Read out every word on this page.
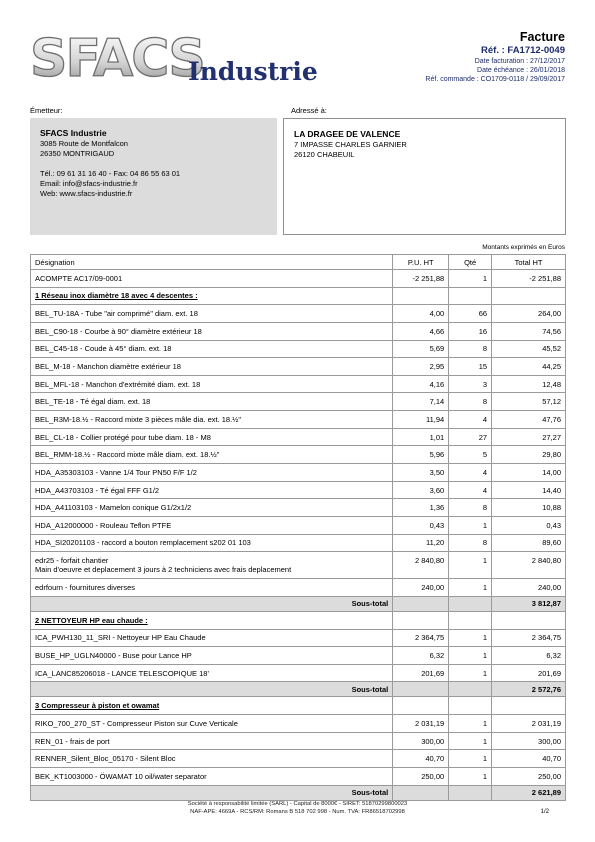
SFACS
Industrie
Facture
Réf. : FA1712-0049
Date facturation : 27/12/2017
Date échéance : 26/01/2018
Réf. commande : CO1709-0118 / 29/09/2017
Émetteur:	Adressé à:
SFACS Industrie
3085 Route de Montfalcon
26350 MONTRIGAUD
Tél.: 09 61 31 16 40 - Fax: 04 86 55 63 01
Email: info@sfacs-industrie.fr
Web: www.sfacs-industrie.fr
LA DRAGEE DE VALENCE
7 IMPASSE CHARLES GARNIER
26120 CHABEUIL
Montants exprimés en Euros
Désignation	P.U. HT	Qté	Total HT
ACOMPTE AC17/09-0001	-2 251,88	1	-2 251,88
1 Réseau inox diamètre 18 avec 4 descentes :			
BEL_TU-18A - Tube "air comprimé" diam. ext. 18	4,00	66	264,00
BEL_C90-18 - Courbe à 90° diamètre extérieur 18	4,66	16	74,56
BEL_C45-18 - Coude à 45° diam. ext. 18	5,69	8	45,52
BEL_M-18 - Manchon diamètre extérieur 18	2,95	15	44,25
BEL_MFL-18 - Manchon d'extrémité diam. ext. 18	4,16	3	12,48
BEL_TE-18 - Té égal diam. ext. 18	7,14	8	57,12
BEL_R3M-18.½ - Raccord mixte 3 pièces mâle dia. ext. 18.½"	11,94	4	47,76
BEL_CL-18 - Collier protégé pour tube diam. 18 - M8	1,01	27	27,27
BEL_RMM-18.½ - Raccord mixte mâle diam. ext. 18.½"	5,96	5	29,80
HDA_A35303103 - Vanne 1/4 Tour PN50 F/F 1/2	3,50	4	14,00
HDA_A43703103 - Té égal FFF G1/2	3,60	4	14,40
HDA_A41103103 - Mamelon conique G1/2x1/2	1,36	8	10,88
HDA_A12000000 - Rouleau Teflon PTFE	0,43	1	0,43
HDA_SI20201103 - raccord a bouton remplacement s202 01 103	11,20	8	89,60

edr25 - forfait chantier
Main d'oeuvre et deplacement 3 jours à 2 techniciens avec frais deplacement	2 840,80	1	2 840,80
edrfourn - fournitures diverses	240,00	1	240,00
Sous-total			3 812,87
2 NETTOYEUR HP eau chaude :			
ICA_PWH130_11_SRI - Nettoyeur HP Eau Chaude	2 364,75	1	2 364,75
BUSE_HP_UGLN40000 - Buse pour Lance HP	6,32	1	6,32
ICA_LANC85206018 - LANCE TELESCOPIQUE 18'	201,69	1	201,69
Sous-total			2 572,76
3 Compresseur à piston et owamat			
RIKO_700_270_ST - Compresseur Piston sur Cuve Verticale	2 031,19	1	2 031,19
REN_01 - frais de port	300,00	1	300,00
RENNER_Silent_Bloc_05170 - Silent Bloc	40,70	1	40,70
BEK_KT1003000 - ÖWAMAT 10 oil/water separator	250,00	1	250,00
Sous-total			2 621,89
Société à responsabilité limitée (SARL) - Capital de 8000€ - SIRET: 51870299800023
NAF-APE: 4669A - RCS/RM: Romans B 518 702 998 - Num. TVA: FR86518702998	1/2
